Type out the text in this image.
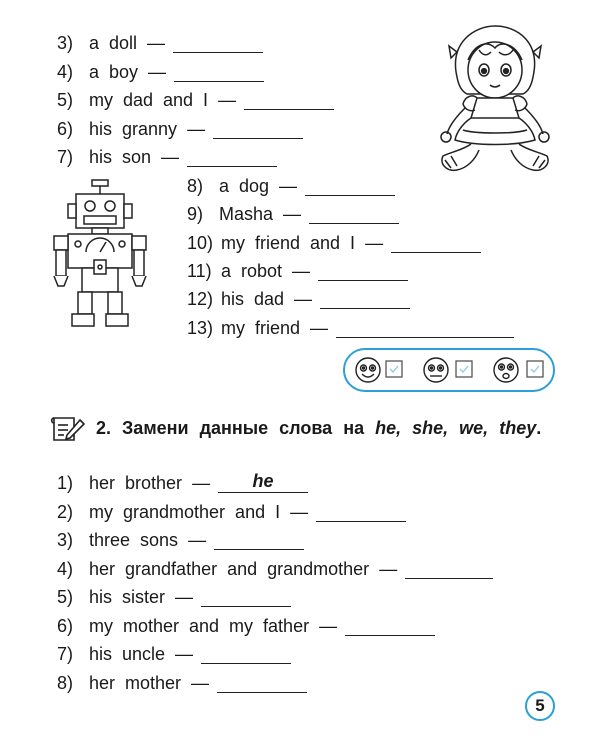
3) a doll —
4) a boy —
5) my dad and I —
6) his granny —
7) his son —
8) a dog —
9) Masha —
10) my friend and I —
11) a robot —
12) his dad —
13) my friend —
2. Замени данные слова на he, she, we, they.
1) her brother —	he
2) my grandmother and I —
3) three sons —
4) her grandfather and grandmother —
5) his sister —
6) my mother and my father —
7) his uncle —
8) her mother —
5
